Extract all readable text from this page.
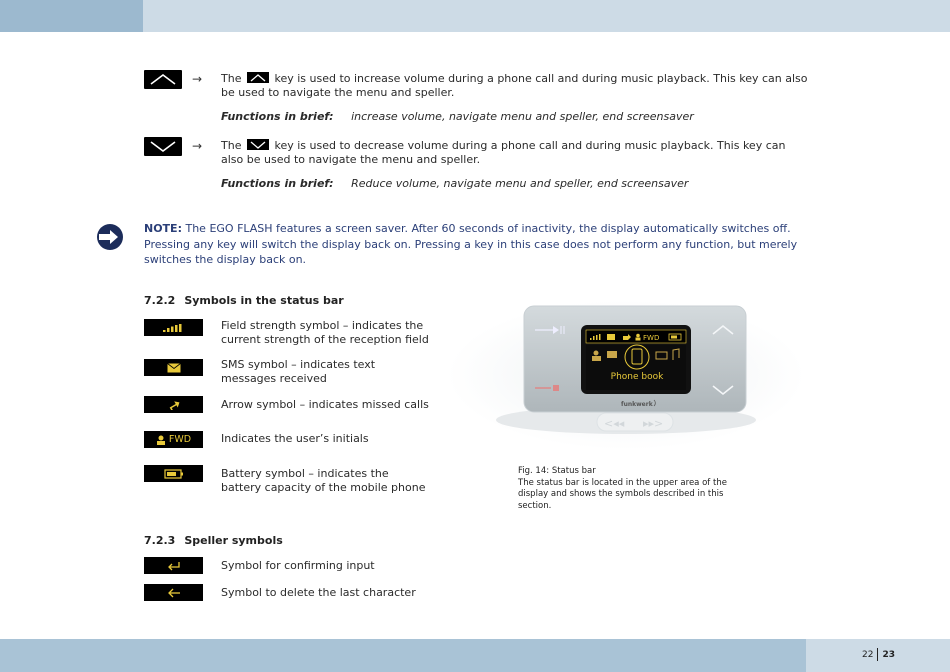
→ The	key is used to increase volume during a phone call and during music playback. This key can also be used to navigate the menu and speller.
Functions in brief: increase volume, navigate menu and speller, end screensaver
→ The	key is used to decrease volume during a phone call and during music playback. This key can also be used to navigate the menu and speller.
Functions in brief: Reduce volume, navigate menu and speller, end screensaver
NOTE: The EGO FLASH features a screen saver. After 60 seconds of inactivity, the display automatically switches off. Pressing any key will switch the display back on. Pressing a key in this case does not perform any function, but merely switches the display back on.
7.2.2 Symbols in the status bar
Field strength symbol – indicates the current strength of the reception field
SMS symbol – indicates text messages received
Arrow symbol – indicates missed calls
FWD	Indicates the user’s initials
Battery symbol – indicates the battery capacity of the mobile phone
7.2.3 Speller symbols
Symbol for confirming input
Symbol to delete the last character
FWD
Phone book
funkwerk
<◂◂ ▸▸>
Fig. 14: Status bar
The status bar is located in the upper area of the display and shows the symbols described in this section.
22 23
